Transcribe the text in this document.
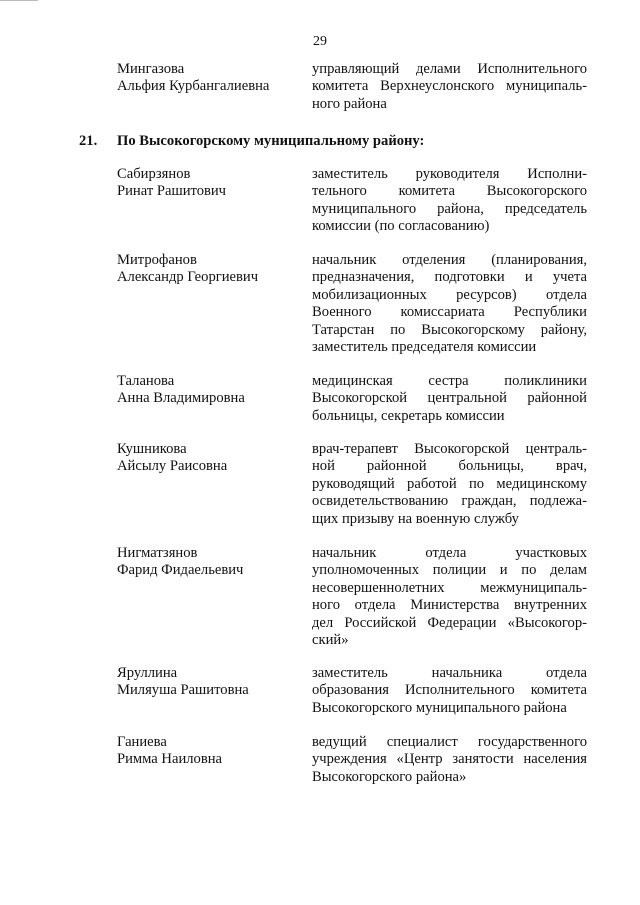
29
Мингазова
Альфия Курбангалиевна
управляющий делами Исполнительного
комитета Верхнеуслонского муниципаль-
ного района
21. По Высокогорскому муниципальному району:
Сабирзянов
Ринат Рашитович
заместитель руководителя Исполни-
тельного комитета Высокогорского
муниципального района, председатель
комиссии (по согласованию)
Митрофанов
Александр Георгиевич
начальник отделения (планирования,
предназначения, подготовки и учета
мобилизационных ресурсов) отдела
Военного комиссариата Республики
Татарстан по Высокогорскому району,
заместитель председателя комиссии
Таланова
Анна Владимировна
медицинская сестра поликлиники
Высокогорской центральной районной
больницы, секретарь комиссии
Кушникова
Айсылу Раисовна
врач-терапевт Высокогорской централь-
ной районной больницы, врач,
руководящий работой по медицинскому
освидетельствованию граждан, подлежа-
щих призыву на военную службу
Нигматзянов
Фарид Фидаельевич
начальник отдела участковых
уполномоченных полиции и по делам
несовершеннолетних межмуниципаль-
ного отдела Министерства внутренних
дел Российской Федерации «Высокогор-
ский»
Яруллина
Миляуша Рашитовна
заместитель начальника отдела
образования Исполнительного комитета
Высокогорского муниципального района
Ганиева
Римма Наиловна
ведущий специалист государственного
учреждения «Центр занятости населения
Высокогорского района»
